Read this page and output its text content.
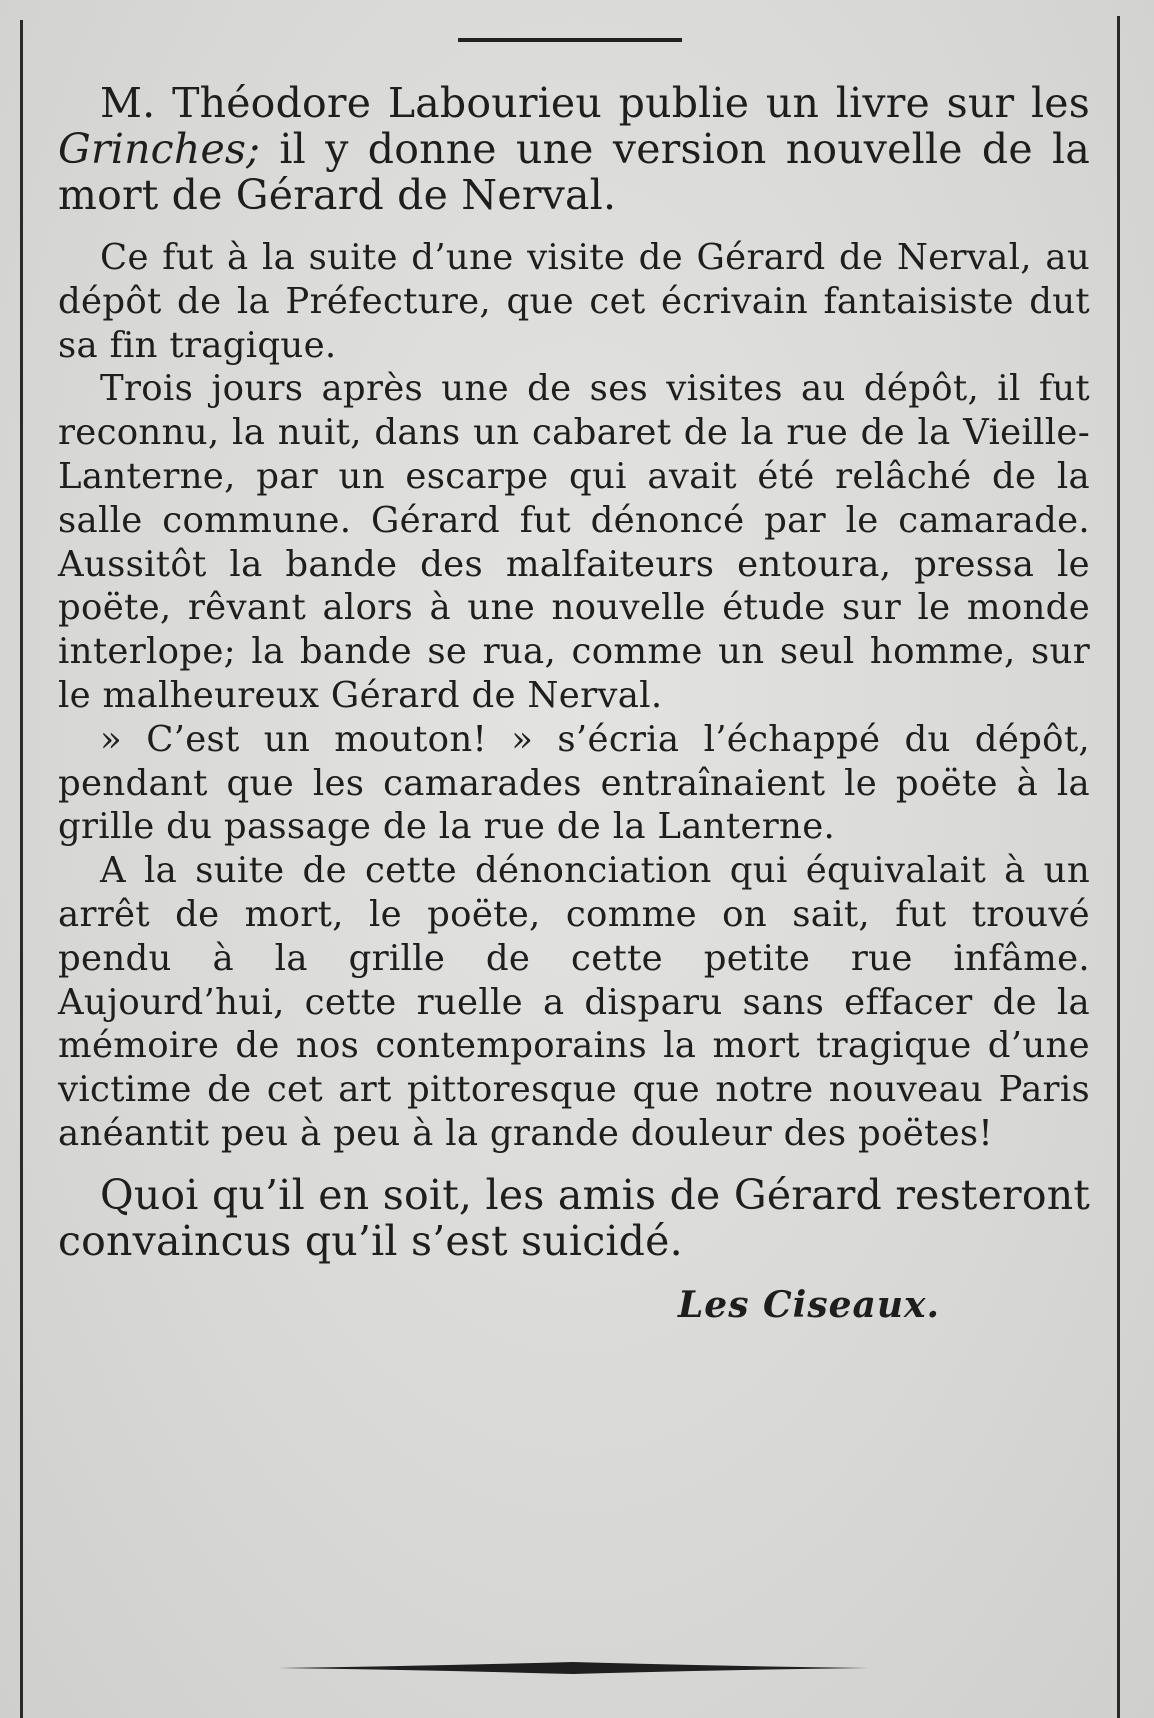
M. Théodore Labourieu publie un livre sur les Grinches; il y donne une version nouvelle de la mort de Gérard de Nerval.

Ce fut à la suite d’une visite de Gérard de Nerval, au dépôt de la Préfecture, que cet écrivain fantaisiste dut sa fin tragique.

Trois jours après une de ses visites au dépôt, il fut reconnu, la nuit, dans un cabaret de la rue de la Vieille-Lanterne, par un escarpe qui avait été relâché de la salle commune. Gérard fut dénoncé par le camarade. Aussitôt la bande des malfaiteurs entoura, pressa le poëte, rêvant alors à une nouvelle étude sur le monde interlope; la bande se rua, comme un seul homme, sur le malheureux Gérard de Nerval.

» C’est un mouton! » s’écria l’échappé du dépôt, pendant que les camarades entraînaient le poëte à la grille du passage de la rue de la Lanterne.

A la suite de cette dénonciation qui équivalait à un arrêt de mort, le poëte, comme on sait, fut trouvé pendu à la grille de cette petite rue infâme. Aujourd’hui, cette ruelle a disparu sans effacer de la mémoire de nos contemporains la mort tragique d’une victime de cet art pittoresque que notre nouveau Paris anéantit peu à peu à la grande douleur des poëtes!

Quoi qu’il en soit, les amis de Gérard resteront convaincus qu’il s’est suicidé.

Les Ciseaux.
